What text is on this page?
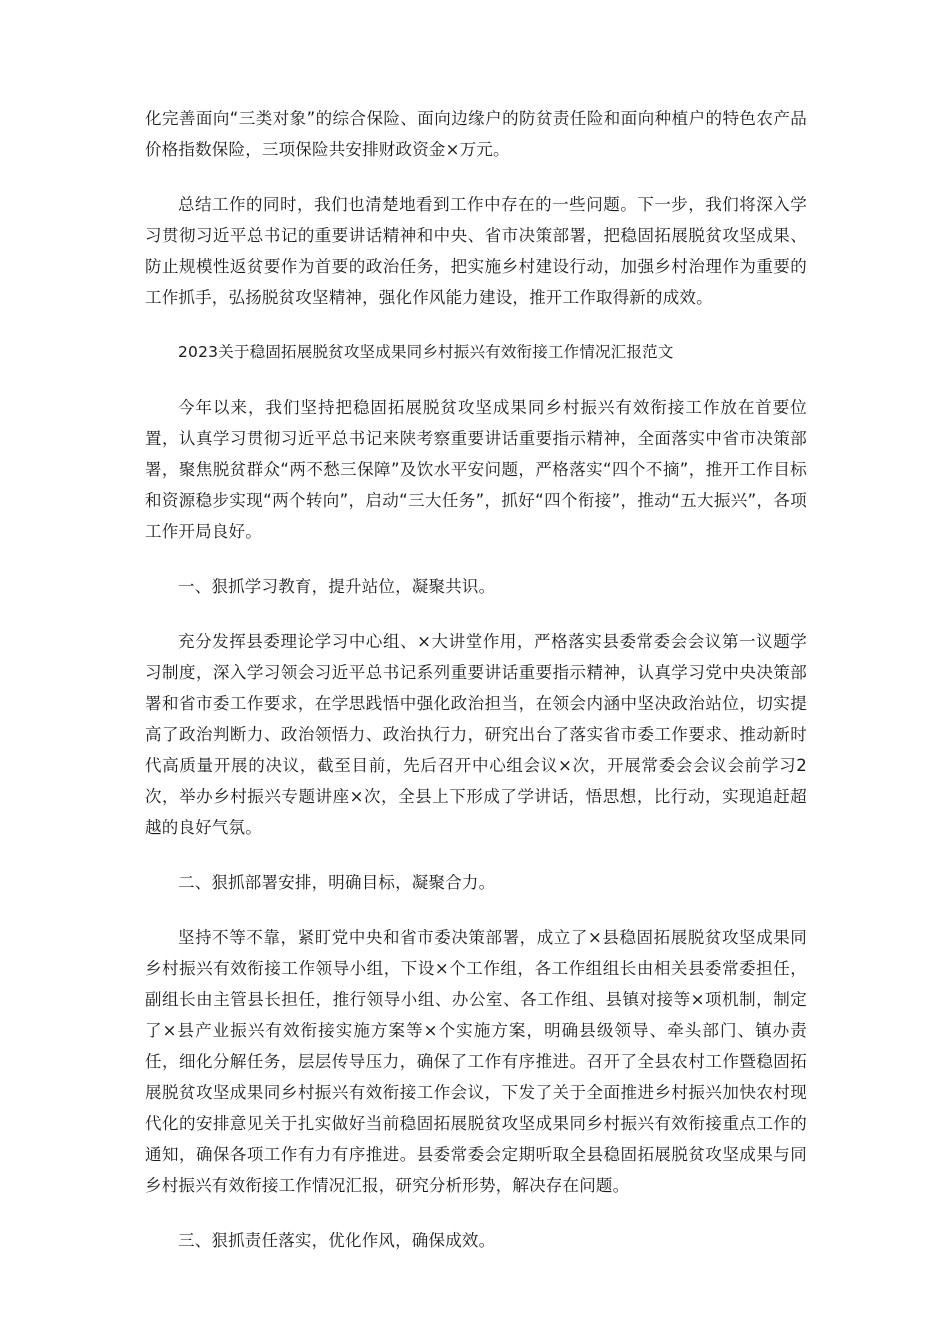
化完善面向“三类对象”的综合保险、面向边缘户的防贫责任险和面向种植户的特色农产品价格指数保险，三项保险共安排财政资金×万元。

总结工作的同时，我们也清楚地看到工作中存在的一些问题。下一步，我们将深入学习贯彻习近平总书记的重要讲话精神和中央、省市决策部署，把稳固拓展脱贫攻坚成果、防止规模性返贫要作为首要的政治任务，把实施乡村建设行动，加强乡村治理作为重要的工作抓手，弘扬脱贫攻坚精神，强化作风能力建设，推开工作取得新的成效。

2023关于稳固拓展脱贫攻坚成果同乡村振兴有效衔接工作情况汇报范文

今年以来，我们坚持把稳固拓展脱贫攻坚成果同乡村振兴有效衔接工作放在首要位置，认真学习贯彻习近平总书记来陕考察重要讲话重要指示精神，全面落实中省市决策部署，聚焦脱贫群众“两不愁三保障”及饮水平安问题，严格落实“四个不摘”，推开工作目标和资源稳步实现“两个转向”，启动“三大任务”，抓好“四个衔接”，推动“五大振兴”，各项工作开局良好。

一、狠抓学习教育，提升站位，凝聚共识。

充分发挥县委理论学习中心组、×大讲堂作用，严格落实县委常委会会议第一议题学习制度，深入学习领会习近平总书记系列重要讲话重要指示精神，认真学习党中央决策部署和省市委工作要求，在学思践悟中强化政治担当，在领会内涵中坚决政治站位，切实提高了政治判断力、政治领悟力、政治执行力，研究出台了落实省市委工作要求、推动新时代高质量开展的决议，截至目前，先后召开中心组会议×次，开展常委会会议会前学习2次，举办乡村振兴专题讲座×次，全县上下形成了学讲话，悟思想，比行动，实现追赶超越的良好气氛。

二、狠抓部署安排，明确目标，凝聚合力。

坚持不等不靠，紧盯党中央和省市委决策部署，成立了×县稳固拓展脱贫攻坚成果同乡村振兴有效衔接工作领导小组，下设×个工作组，各工作组组长由相关县委常委担任，副组长由主管县长担任，推行领导小组、办公室、各工作组、县镇对接等×项机制，制定了×县产业振兴有效衔接实施方案等×个实施方案，明确县级领导、牵头部门、镇办责任，细化分解任务，层层传导压力，确保了工作有序推进。召开了全县农村工作暨稳固拓展脱贫攻坚成果同乡村振兴有效衔接工作会议，下发了关于全面推进乡村振兴加快农村现代化的安排意见关于扎实做好当前稳固拓展脱贫攻坚成果同乡村振兴有效衔接重点工作的通知，确保各项工作有力有序推进。县委常委会定期听取全县稳固拓展脱贫攻坚成果与同乡村振兴有效衔接工作情况汇报，研究分析形势，解决存在问题。

三、狠抓责任落实，优化作风，确保成效。
